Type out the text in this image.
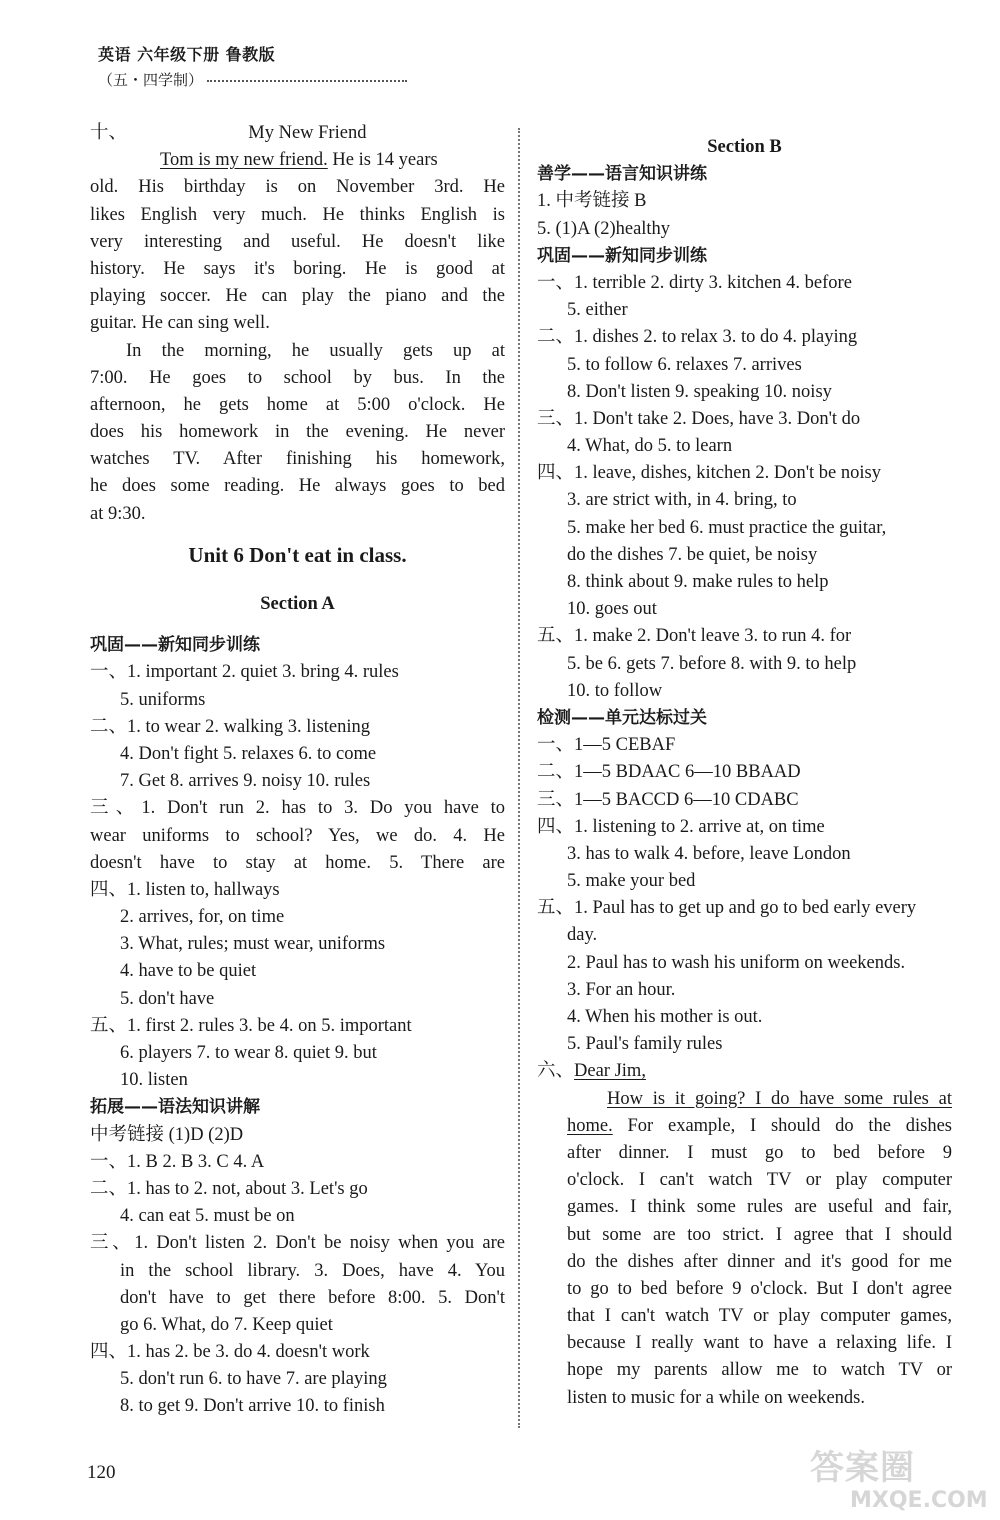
英语 六年级下册 鲁教版
（五・四学制）
十、	My New Friend
Tom is my new friend. He is 14 years
old. His birthday is on November 3rd. He
likes English very much. He thinks English is
very interesting and useful. He doesn't like
history. He says it's boring. He is good at
playing soccer. He can play the piano and the
guitar. He can sing well.
In the morning, he usually gets up at
7:00. He goes to school by bus. In the
afternoon, he gets home at 5:00 o'clock. He
does his homework in the evening. He never
watches TV. After finishing his homework,
he does some reading. He always goes to bed
at 9:30.
Unit 6 Don't eat in class.
Section A
巩固——新知同步训练
一、1. important 2. quiet 3. bring 4. rules
5. uniforms
二、1. to wear 2. walking 3. listening
4. Don't fight 5. relaxes 6. to come
7. Get 8. arrives 9. noisy 10. rules
三、1. Don't run 2. has to 3. Do you have to
wear uniforms to school? Yes, we do. 4. He
doesn't have to stay at home. 5. There are
四、1. listen to, hallways
2. arrives, for, on time
3. What, rules; must wear, uniforms
4. have to be quiet
5. don't have
五、1. first 2. rules 3. be 4. on 5. important
6. players 7. to wear 8. quiet 9. but
10. listen
拓展——语法知识讲解
中考链接 (1)D (2)D
一、1. B 2. B 3. C 4. A
二、1. has to 2. not, about 3. Let's go
4. can eat 5. must be on
三、1. Don't listen 2. Don't be noisy when you are
in the school library. 3. Does, have 4. You
don't have to get there before 8:00. 5. Don't
go 6. What, do 7. Keep quiet
四、1. has 2. be 3. do 4. doesn't work
5. don't run 6. to have 7. are playing
8. to get 9. Don't arrive 10. to finish
Section B
善学——语言知识讲练
1. 中考链接 B
5. (1)A (2)healthy
巩固——新知同步训练
一、1. terrible 2. dirty 3. kitchen 4. before
5. either
二、1. dishes 2. to relax 3. to do 4. playing
5. to follow 6. relaxes 7. arrives
8. Don't listen 9. speaking 10. noisy
三、1. Don't take 2. Does, have 3. Don't do
4. What, do 5. to learn
四、1. leave, dishes, kitchen 2. Don't be noisy
3. are strict with, in 4. bring, to
5. make her bed 6. must practice the guitar,
do the dishes 7. be quiet, be noisy
8. think about 9. make rules to help
10. goes out
五、1. make 2. Don't leave 3. to run 4. for
5. be 6. gets 7. before 8. with 9. to help
10. to follow
检测——单元达标过关
一、1—5 CEBAF
二、1—5 BDAAC 6—10 BBAAD
三、1—5 BACCD 6—10 CDABC
四、1. listening to 2. arrive at, on time
3. has to walk 4. before, leave London
5. make your bed
五、1. Paul has to get up and go to bed early every
day.
2. Paul has to wash his uniform on weekends.
3. For an hour.
4. When his mother is out.
5. Paul's family rules
六、Dear Jim,
How is it going? I do have some rules at
home. For example, I should do the dishes
after dinner. I must go to bed before 9
o'clock. I can't watch TV or play computer
games. I think some rules are useful and fair,
but some are too strict. I agree that I should
do the dishes after dinner and it's good for me
to go to bed before 9 o'clock. But I don't agree
that I can't watch TV or play computer games,
because I really want to have a relaxing life. I
hope my parents allow me to watch TV or
listen to music for a while on weekends.
120	答案圈
MXQE.COM
